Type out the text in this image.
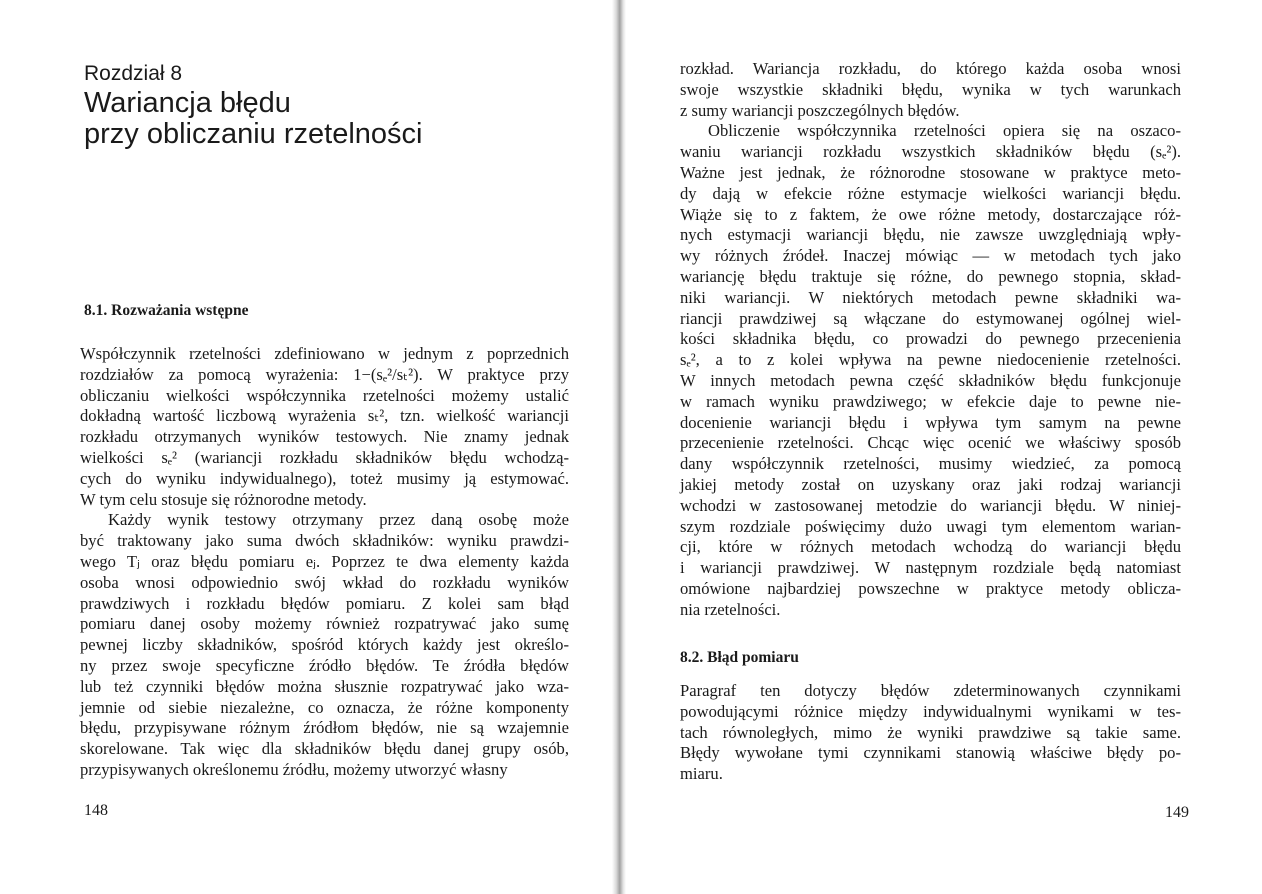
Rozdział 8
Wariancja błędu
przy obliczaniu rzetelności
8.1. Rozważania wstępne
Współczynnik rzetelności zdefiniowano w jednym z poprzednich
rozdziałów za pomocą wyrażenia: 1−(sₑ²/sₜ²). W praktyce przy
obliczaniu wielkości współczynnika rzetelności możemy ustalić
dokładną wartość liczbową wyrażenia sₜ², tzn. wielkość wariancji
rozkładu otrzymanych wyników testowych. Nie znamy jednak
wielkości sₑ² (wariancji rozkładu składników błędu wchodzą-
cych do wyniku indywidualnego), toteż musimy ją estymować.
W tym celu stosuje się różnorodne metody.
Każdy wynik testowy otrzymany przez daną osobę może
być traktowany jako suma dwóch składników: wyniku prawdzi-
wego Tⱼ oraz błędu pomiaru eⱼ. Poprzez te dwa elementy każda
osoba wnosi odpowiednio swój wkład do rozkładu wyników
prawdziwych i rozkładu błędów pomiaru. Z kolei sam błąd
pomiaru danej osoby możemy również rozpatrywać jako sumę
pewnej liczby składników, spośród których każdy jest określo-
ny przez swoje specyficzne źródło błędów. Te źródła błędów
lub też czynniki błędów można słusznie rozpatrywać jako wza-
jemnie od siebie niezależne, co oznacza, że różne komponenty
błędu, przypisywane różnym źródłom błędów, nie są wzajemnie
skorelowane. Tak więc dla składników błędu danej grupy osób,
przypisywanych określonemu źródłu, możemy utworzyć własny
148
rozkład. Wariancja rozkładu, do którego każda osoba wnosi
swoje wszystkie składniki błędu, wynika w tych warunkach
z sumy wariancji poszczególnych błędów.
Obliczenie współczynnika rzetelności opiera się na oszaco-
waniu wariancji rozkładu wszystkich składników błędu (sₑ²).
Ważne jest jednak, że różnorodne stosowane w praktyce meto-
dy dają w efekcie różne estymacje wielkości wariancji błędu.
Wiąże się to z faktem, że owe różne metody, dostarczające róż-
nych estymacji wariancji błędu, nie zawsze uwzględniają wpły-
wy różnych źródeł. Inaczej mówiąc — w metodach tych jako
wariancję błędu traktuje się różne, do pewnego stopnia, skład-
niki wariancji. W niektórych metodach pewne składniki wa-
riancji prawdziwej są włączane do estymowanej ogólnej wiel-
kości składnika błędu, co prowadzi do pewnego przecenienia
sₑ², a to z kolei wpływa na pewne niedocenienie rzetelności.
W innych metodach pewna część składników błędu funkcjonuje
w ramach wyniku prawdziwego; w efekcie daje to pewne nie-
docenienie wariancji błędu i wpływa tym samym na pewne
przecenienie rzetelności. Chcąc więc ocenić we właściwy sposób
dany współczynnik rzetelności, musimy wiedzieć, za pomocą
jakiej metody został on uzyskany oraz jaki rodzaj wariancji
wchodzi w zastosowanej metodzie do wariancji błędu. W niniej-
szym rozdziale poświęcimy dużo uwagi tym elementom warian-
cji, które w różnych metodach wchodzą do wariancji błędu
i wariancji prawdziwej. W następnym rozdziale będą natomiast
omówione najbardziej powszechne w praktyce metody oblicza-
nia rzetelności.
8.2. Błąd pomiaru
Paragraf ten dotyczy błędów zdeterminowanych czynnikami
powodującymi różnice między indywidualnymi wynikami w tes-
tach równoległych, mimo że wyniki prawdziwe są takie same.
Błędy wywołane tymi czynnikami stanowią właściwe błędy po-
miaru.
149
